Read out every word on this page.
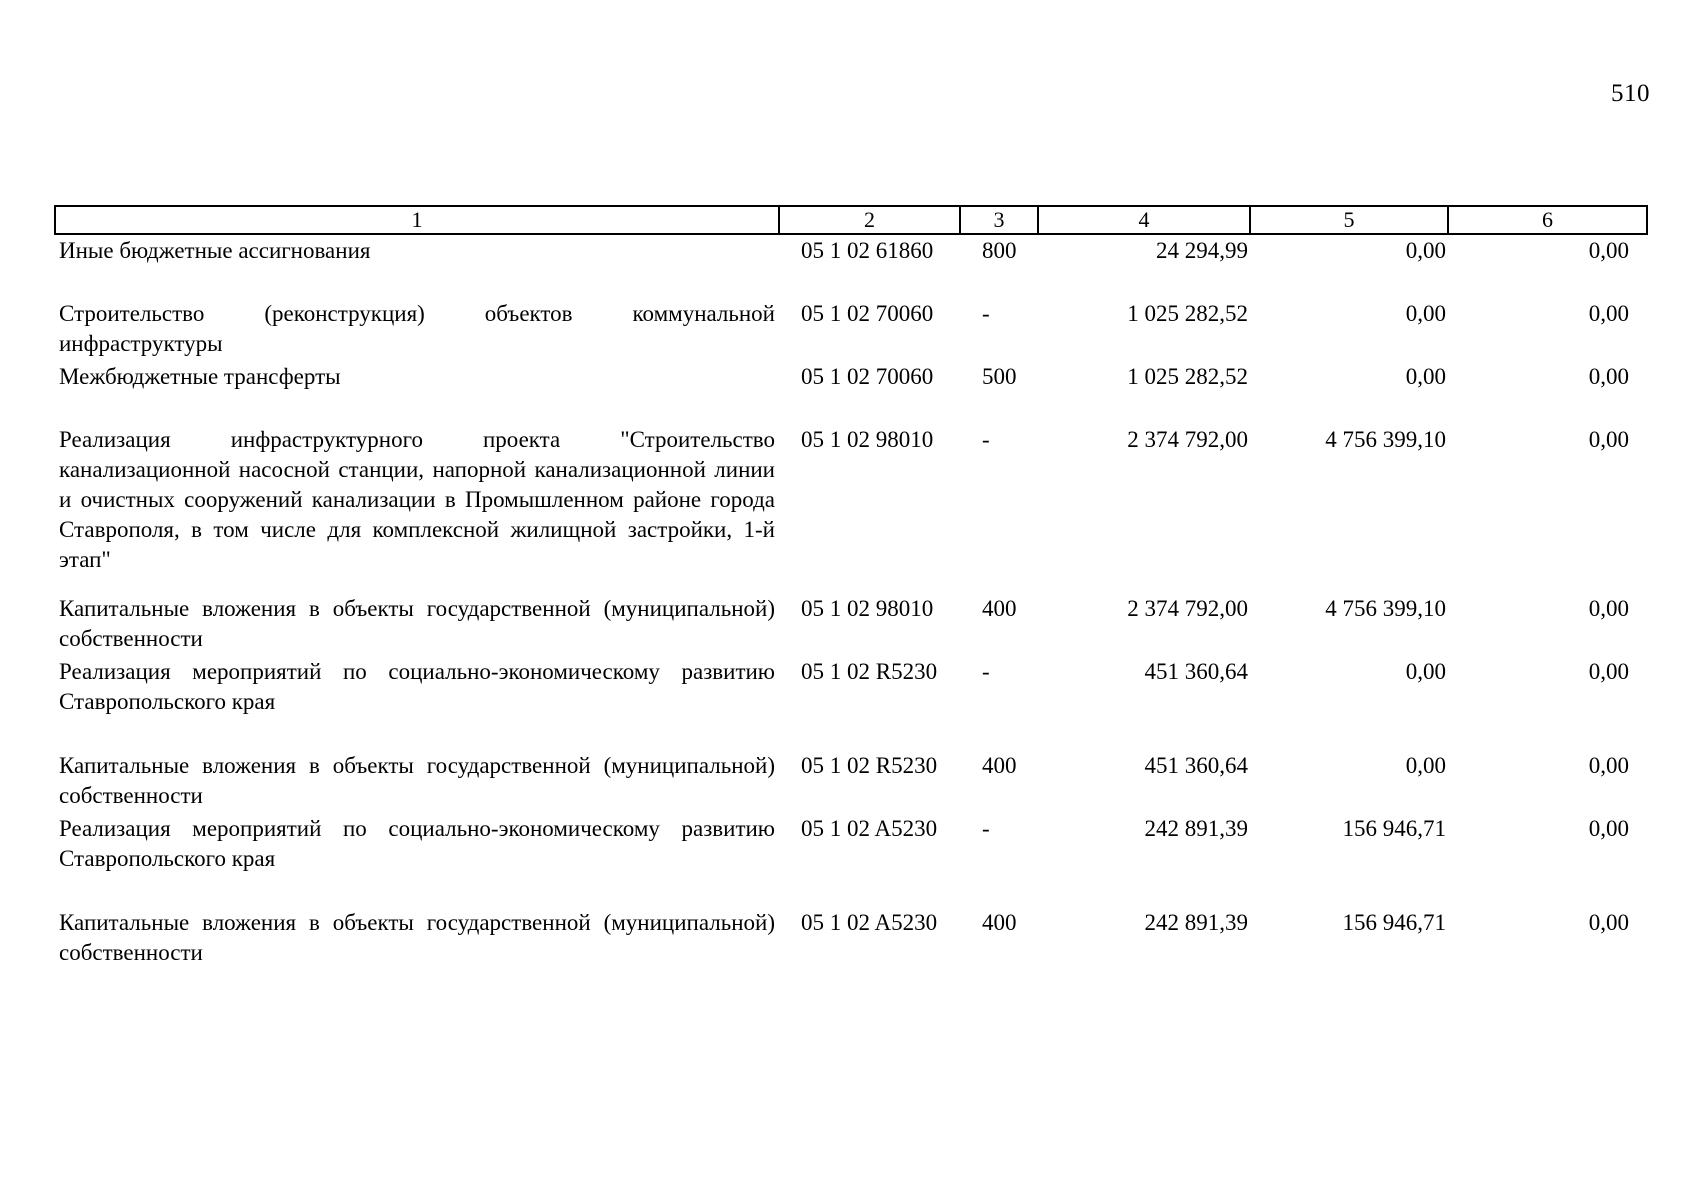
510
1	2	3	4	5	6
Иные бюджетные ассигнования	05 1 02 61860	800	24 294,99	0,00	0,00
Строительство (реконструкция) объектов коммунальной инфраструктуры	05 1 02 70060	-	1 025 282,52	0,00	0,00
Межбюджетные трансферты	05 1 02 70060	500	1 025 282,52	0,00	0,00
Реализация инфраструктурного проекта "Строительство канализационной насосной станции, напорной канализационной линии и очистных сооружений канализации в Промышленном районе города Ставрополя, в том числе для комплексной жилищной застройки, 1-й этап"	05 1 02 98010	-	2 374 792,00	4 756 399,10	0,00
Капитальные вложения в объекты государственной (муниципальной) собственности	05 1 02 98010	400	2 374 792,00	4 756 399,10	0,00
Реализация мероприятий по социально-экономическому развитию Ставропольского края	05 1 02 R5230	-	451 360,64	0,00	0,00
Капитальные вложения в объекты государственной (муниципальной) собственности	05 1 02 R5230	400	451 360,64	0,00	0,00
Реализация мероприятий по социально-экономическому развитию Ставропольского края	05 1 02 A5230	-	242 891,39	156 946,71	0,00
Капитальные вложения в объекты государственной (муниципальной) собственности	05 1 02 A5230	400	242 891,39	156 946,71	0,00
